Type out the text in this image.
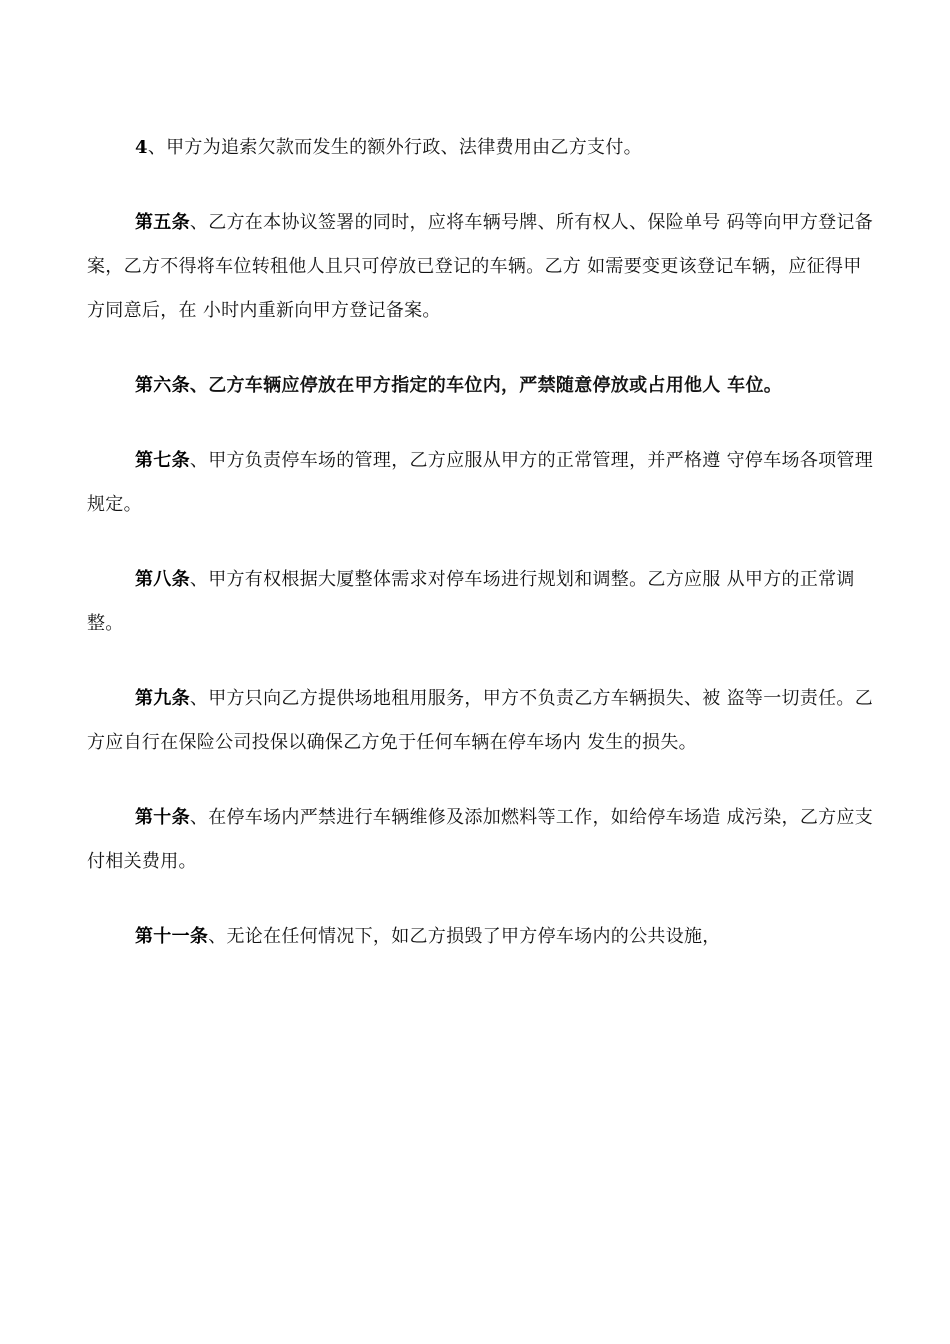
4、甲方为追索欠款而发生的额外行政、法律费用由乙方支付。

第五条、乙方在本协议签署的同时，应将车辆号牌、所有权人、保险单号 码等向甲方登记备案，乙方不得将车位转租他人且只可停放已登记的车辆。乙方 如需要变更该登记车辆，应征得甲方同意后，在 小时内重新向甲方登记备案。

第六条、乙方车辆应停放在甲方指定的车位内，严禁随意停放或占用他人 车位。

第七条、甲方负责停车场的管理，乙方应服从甲方的正常管理，并严格遵 守停车场各项管理规定。

第八条、甲方有权根据大厦整体需求对停车场进行规划和调整。乙方应服 从甲方的正常调整。

第九条、甲方只向乙方提供场地租用服务，甲方不负责乙方车辆损失、被 盗等一切责任。乙方应自行在保险公司投保以确保乙方免于任何车辆在停车场内 发生的损失。

第十条、在停车场内严禁进行车辆维修及添加燃料等工作，如给停车场造 成污染，乙方应支付相关费用。

第十一条、无论在任何情况下，如乙方损毁了甲方停车场内的公共设施，
